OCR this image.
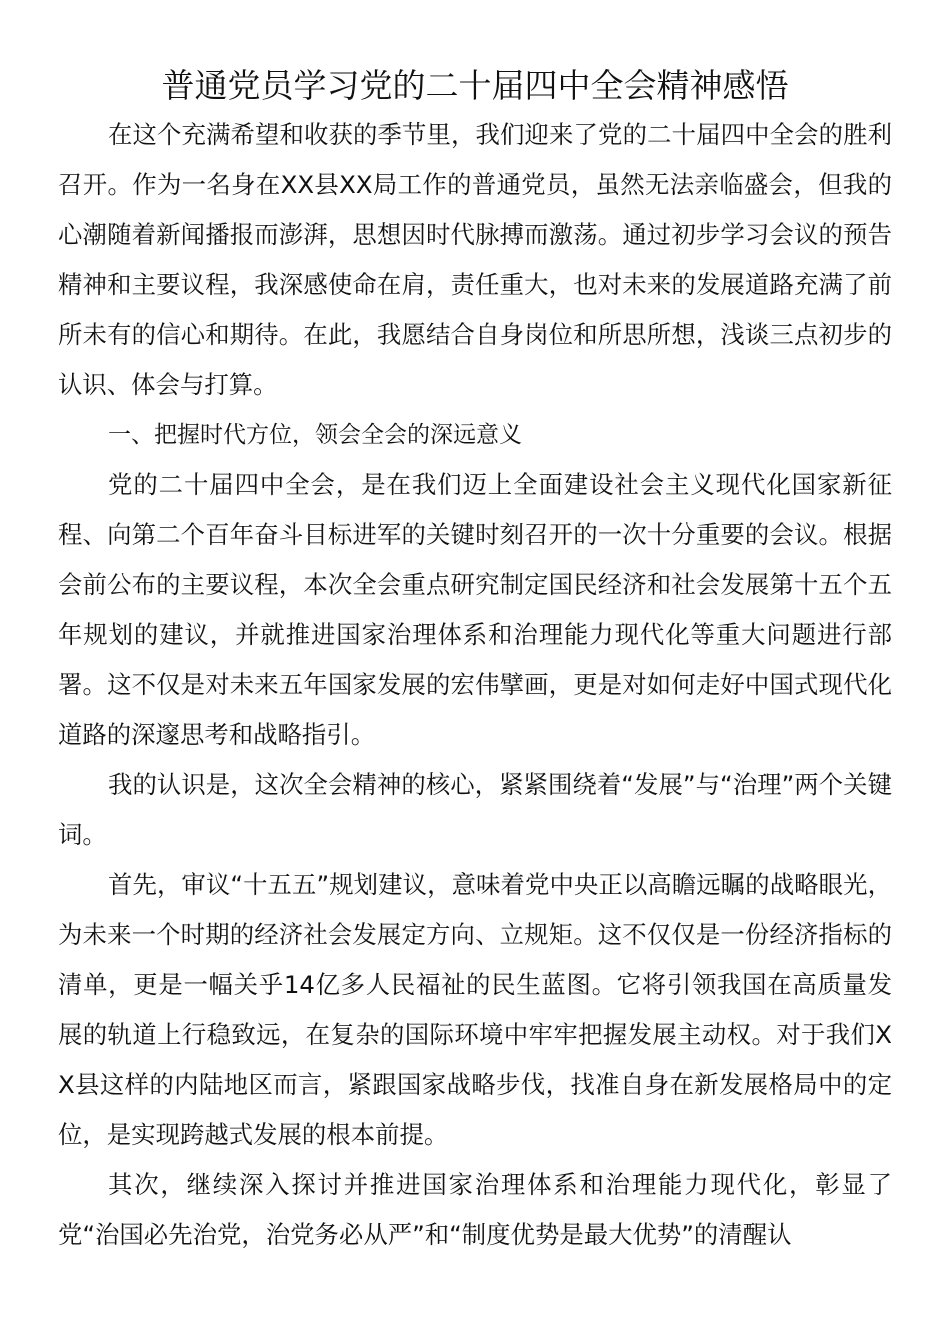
普通党员学习党的二十届四中全会精神感悟

在这个充满希望和收获的季节里，我们迎来了党的二十届四中全会的胜利召开。作为一名身在XX县XX局工作的普通党员，虽然无法亲临盛会，但我的心潮随着新闻播报而澎湃，思想因时代脉搏而激荡。通过初步学习会议的预告精神和主要议程，我深感使命在肩，责任重大，也对未来的发展道路充满了前所未有的信心和期待。在此，我愿结合自身岗位和所思所想，浅谈三点初步的认识、体会与打算。

一、把握时代方位，领会全会的深远意义

党的二十届四中全会，是在我们迈上全面建设社会主义现代化国家新征程、向第二个百年奋斗目标进军的关键时刻召开的一次十分重要的会议。根据会前公布的主要议程，本次全会重点研究制定国民经济和社会发展第十五个五年规划的建议，并就推进国家治理体系和治理能力现代化等重大问题进行部署。这不仅是对未来五年国家发展的宏伟擘画，更是对如何走好中国式现代化道路的深邃思考和战略指引。

我的认识是，这次全会精神的核心，紧紧围绕着“发展”与“治理”两个关键词。

首先，审议“十五五”规划建议，意味着党中央正以高瞻远瞩的战略眼光，为未来一个时期的经济社会发展定方向、立规矩。这不仅仅是一份经济指标的清单，更是一幅关乎14亿多人民福祉的民生蓝图。它将引领我国在高质量发展的轨道上行稳致远，在复杂的国际环境中牢牢把握发展主动权。对于我们XX县这样的内陆地区而言，紧跟国家战略步伐，找准自身在新发展格局中的定位，是实现跨越式发展的根本前提。

其次，继续深入探讨并推进国家治理体系和治理能力现代化，彰显了党“治国必先治党，治党务必从严”和“制度优势是最大优势”的清醒认
